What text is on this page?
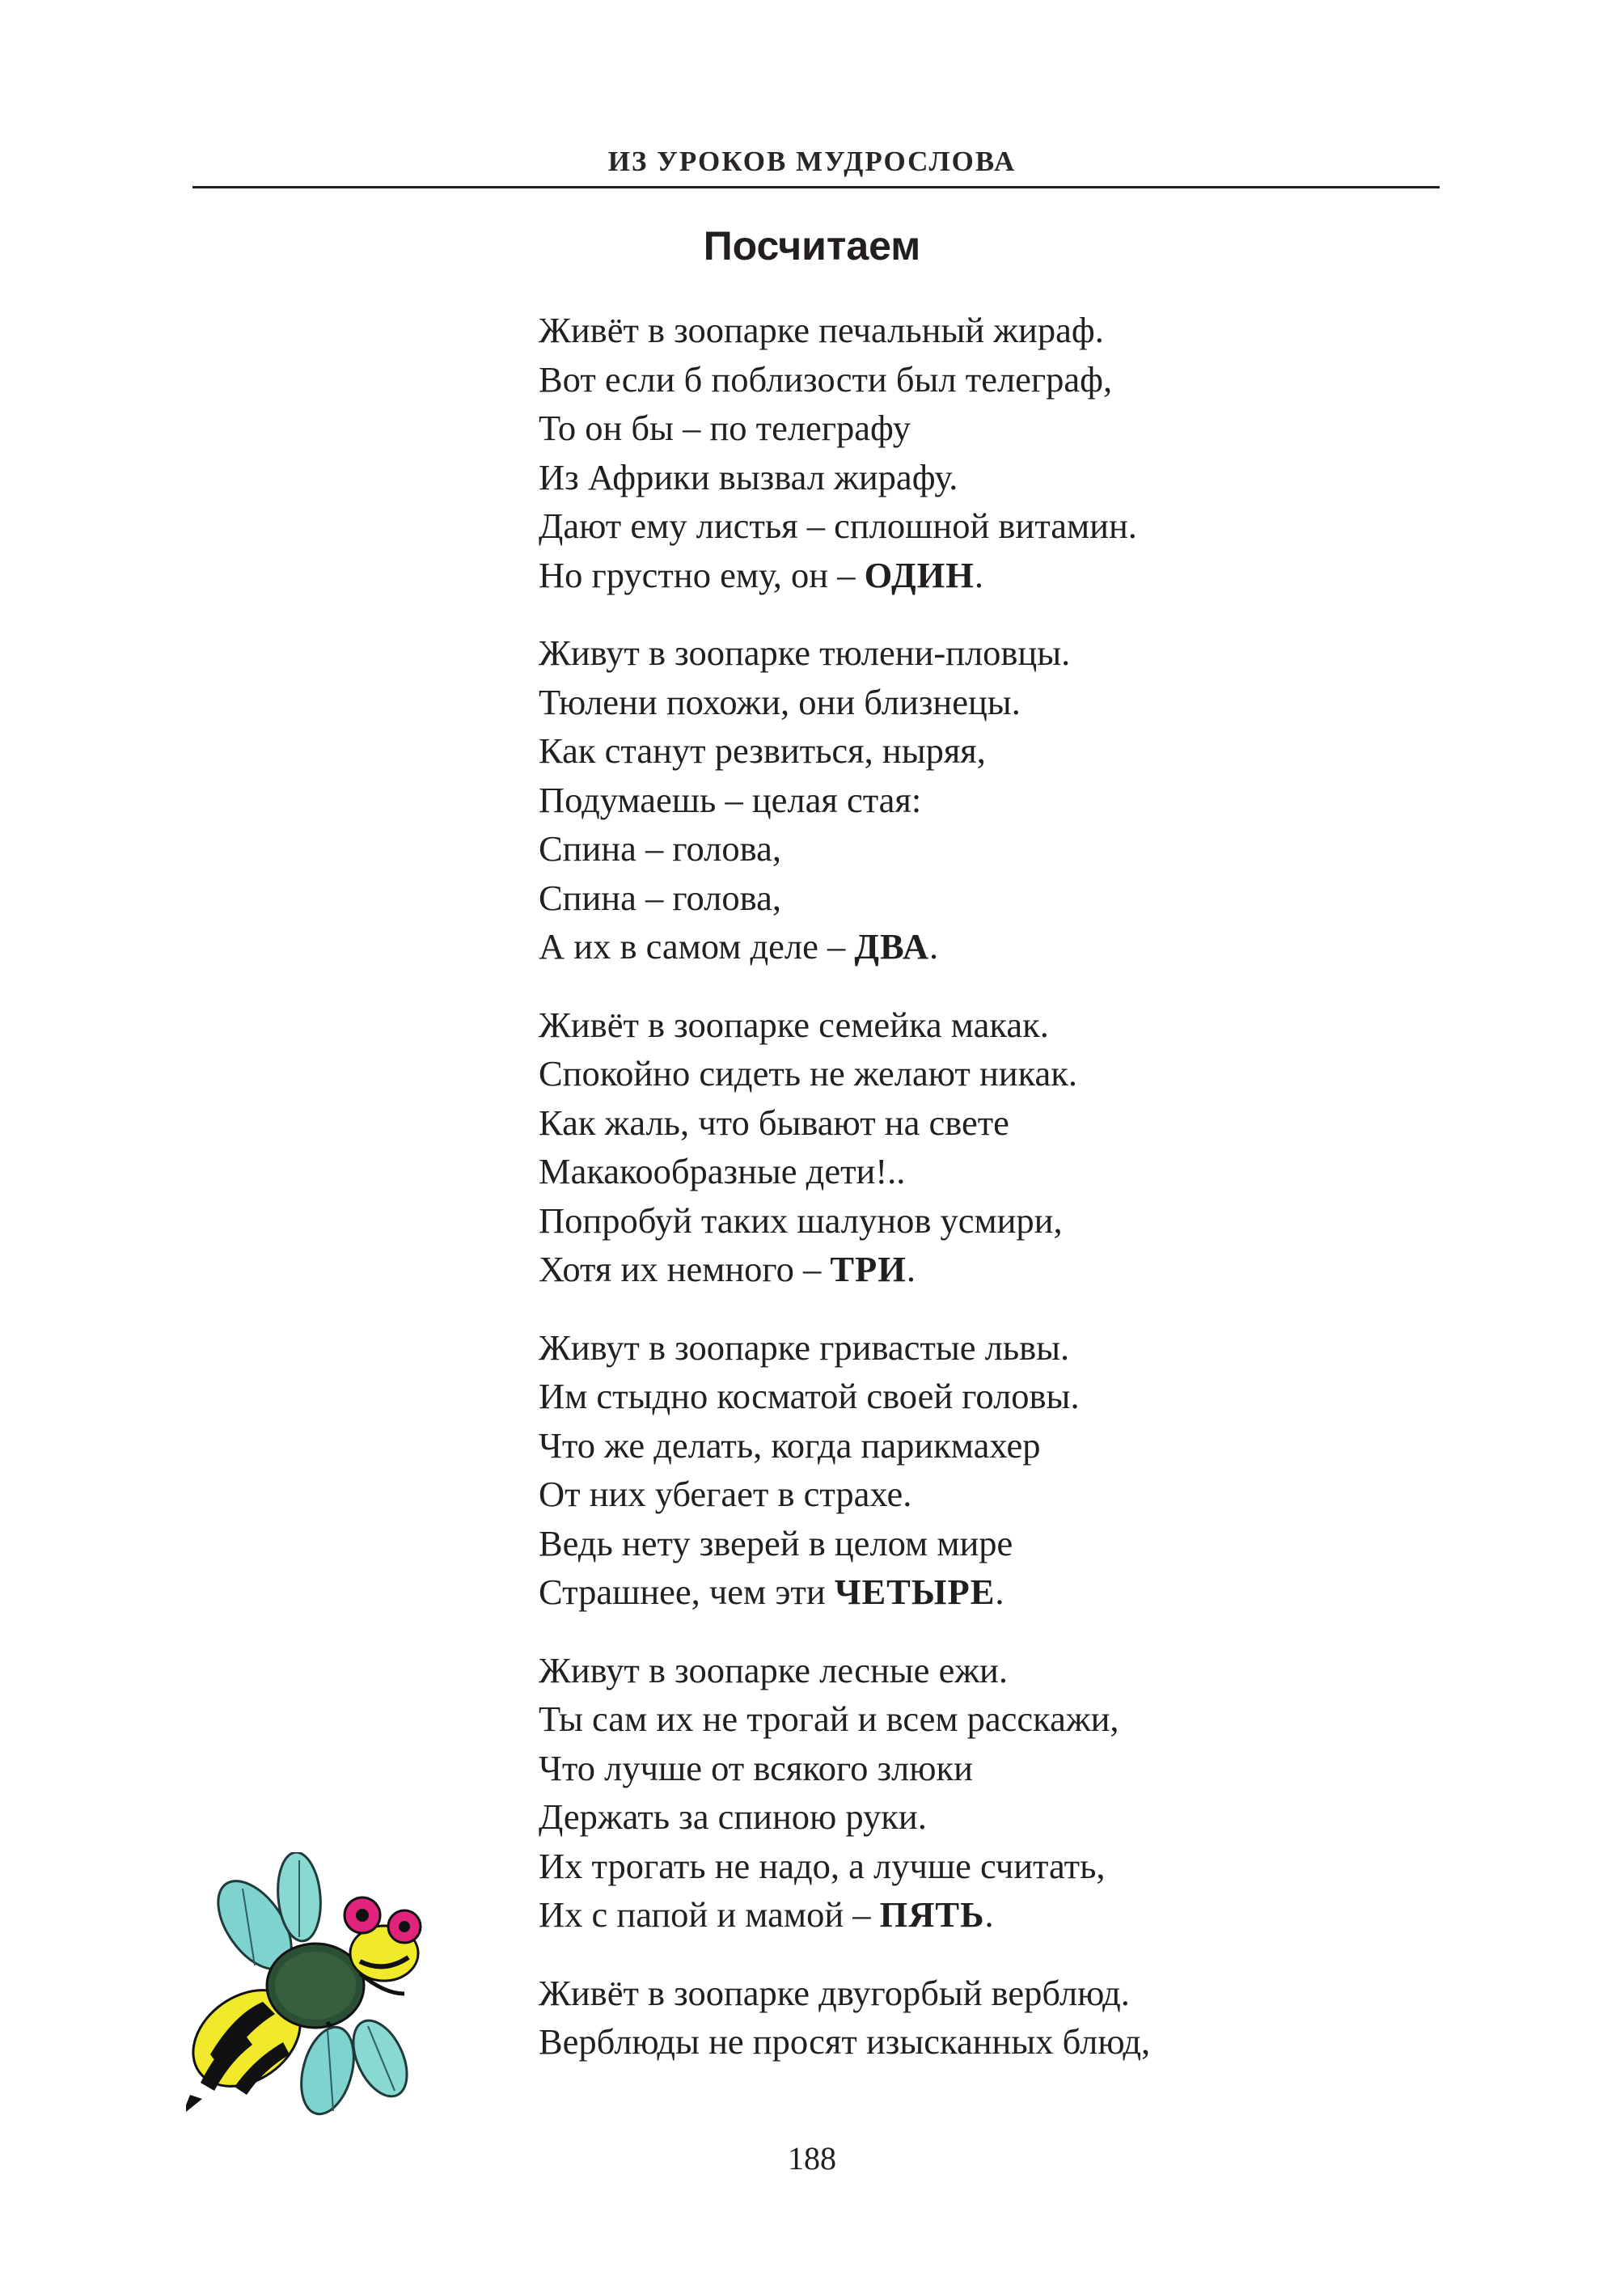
ИЗ УРОКОВ МУДРОСЛОВА
Посчитаем
Живёт в зоопарке печальный жираф.
Вот если б поблизости был телеграф,
То он бы – по телеграфу
Из Африки вызвал жирафу.
Дают ему листья – сплошной витамин.
Но грустно ему, он – ОДИН.
Живут в зоопарке тюлени-пловцы.
Тюлени похожи, они близнецы.
Как станут резвиться, ныряя,
Подумаешь – целая стая:
Спина – голова,
Спина – голова,
А их в самом деле – ДВА.
Живёт в зоопарке семейка макак.
Спокойно сидеть не желают никак.
Как жаль, что бывают на свете
Макакообразные дети!..
Попробуй таких шалунов усмири,
Хотя их немного – ТРИ.
Живут в зоопарке гривастые львы.
Им стыдно косматой своей головы.
Что же делать, когда парикмахер
От них убегает в страхе.
Ведь нету зверей в целом мире
Страшнее, чем эти ЧЕТЫРЕ.
Живут в зоопарке лесные ежи.
Ты сам их не трогай и всем расскажи,
Что лучше от всякого злюки
Держать за спиною руки.
Их трогать не надо, а лучше считать,
Их с папой и мамой – ПЯТЬ.
Живёт в зоопарке двугорбый верблюд.
Верблюды не просят изысканных блюд,
188
